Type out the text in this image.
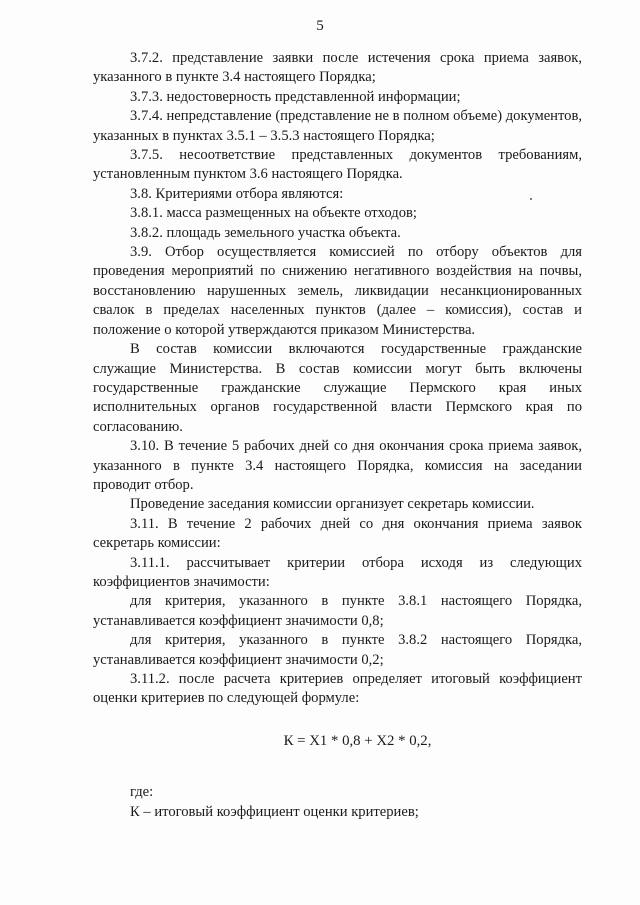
5

3.7.2. представление заявки после истечения срока приема заявок, указанного в пункте 3.4 настоящего Порядка;

3.7.3. недостоверность представленной информации;

3.7.4. непредставление (представление не в полном объеме) документов, указанных в пунктах 3.5.1 – 3.5.3 настоящего Порядка;

3.7.5. несоответствие представленных документов требованиям, установленным пунктом 3.6 настоящего Порядка.

3.8. Критериями отбора являются:

3.8.1. масса размещенных на объекте отходов;

3.8.2. площадь земельного участка объекта.

3.9. Отбор осуществляется комиссией по отбору объектов для проведения мероприятий по снижению негативного воздействия на почвы, восстановлению нарушенных земель, ликвидации несанкционированных свалок в пределах населенных пунктов (далее – комиссия), состав и положение о которой утверждаются приказом Министерства.

В состав комиссии включаются государственные гражданские служащие Министерства. В состав комиссии могут быть включены государственные гражданские служащие Пермского края иных исполнительных органов государственной власти Пермского края по согласованию.

3.10. В течение 5 рабочих дней со дня окончания срока приема заявок, указанного в пункте 3.4 настоящего Порядка, комиссия на заседании проводит отбор.

Проведение заседания комиссии организует секретарь комиссии.

3.11. В течение 2 рабочих дней со дня окончания приема заявок секретарь комиссии:

3.11.1. рассчитывает критерии отбора исходя из следующих коэффициентов значимости:

для критерия, указанного в пункте 3.8.1 настоящего Порядка, устанавливается коэффициент значимости 0,8;

для критерия, указанного в пункте 3.8.2 настоящего Порядка, устанавливается коэффициент значимости 0,2;

3.11.2. после расчета критериев определяет итоговый коэффициент оценки критериев по следующей формуле:

К = Х1 * 0,8 + Х2 * 0,2,

где:

К – итоговый коэффициент оценки критериев;
